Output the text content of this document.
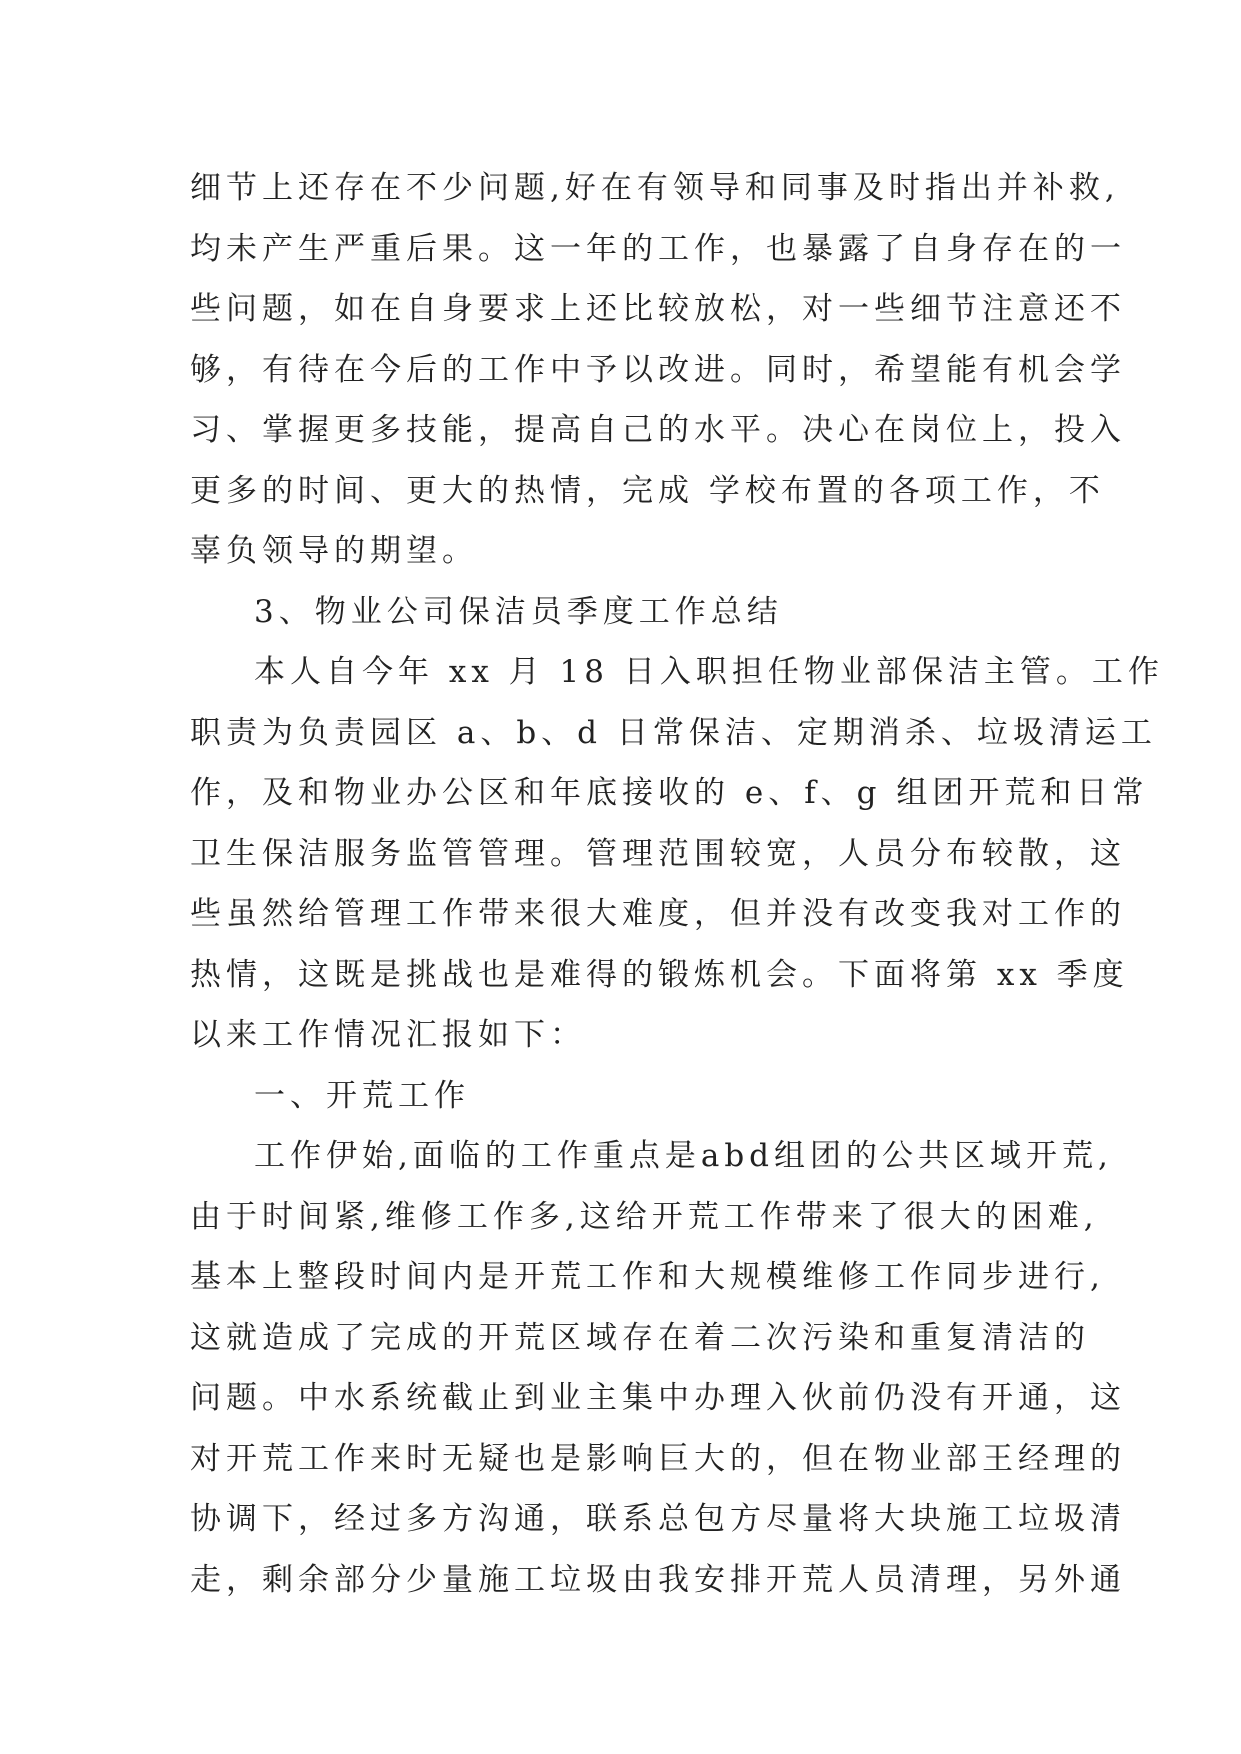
细节上还存在不少问题,好在有领导和同事及时指出并补救,
均未产生严重后果。这一年的工作，也暴露了自身存在的一
些问题，如在自身要求上还比较放松，对一些细节注意还不
够，有待在今后的工作中予以改进。同时，希望能有机会学
习、掌握更多技能，提高自己的水平。决心在岗位上，投入
更多的时间、更大的热情，完成 学校布置的各项工作，不
辜负领导的期望。
3、物业公司保洁员季度工作总结
本人自今年 xx 月 18 日入职担任物业部保洁主管。工作
职责为负责园区 a、b、d 日常保洁、定期消杀、垃圾清运工
作，及和物业办公区和年底接收的 e、f、g 组团开荒和日常
卫生保洁服务监管管理。管理范围较宽，人员分布较散，这
些虽然给管理工作带来很大难度，但并没有改变我对工作的
热情，这既是挑战也是难得的锻炼机会。下面将第 xx 季度
以来工作情况汇报如下：
一、开荒工作
工作伊始,面临的工作重点是abd组团的公共区域开荒,
由于时间紧,维修工作多,这给开荒工作带来了很大的困难,
基本上整段时间内是开荒工作和大规模维修工作同步进行,
这就造成了完成的开荒区域存在着二次污染和重复清洁的
问题。中水系统截止到业主集中办理入伙前仍没有开通，这
对开荒工作来时无疑也是影响巨大的，但在物业部王经理的
协调下，经过多方沟通，联系总包方尽量将大块施工垃圾清
走，剩余部分少量施工垃圾由我安排开荒人员清理，另外通
